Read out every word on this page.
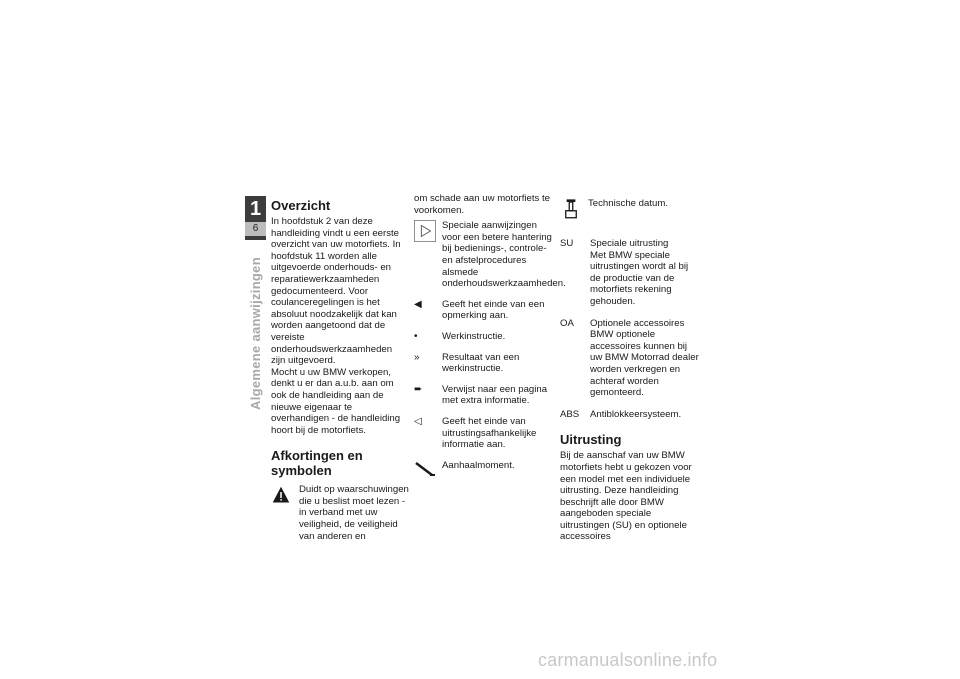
1
6
Algemene aanwijzingen
Overzicht

In hoofdstuk 2 van deze handleiding vindt u een eerste overzicht van uw motorfiets. In hoofdstuk 11 worden alle uitgevoerde onderhouds- en reparatiewerkzaamheden gedocumenteerd. Voor coulanceregelingen is het absoluut noodzakelijk dat kan worden aangetoond dat de vereiste onderhoudswerkzaamheden zijn uitgevoerd.

Mocht u uw BMW verkopen, denkt u er dan a.u.b. aan om ook de handleiding aan de nieuwe eigenaar te overhandigen - de handleiding hoort bij de motorfiets.

Afkortingen en symbolen
Duidt op waarschuwingen die u beslist moet lezen - in verband met uw veiligheid, de veiligheid van anderen en

om schade aan uw motorfiets te voorkomen.

Speciale aanwijzingen voor een betere hantering bij bedienings-, controle- en afstelprocedures alsmede onderhoudswerkzaamheden.
◀	Geeft het einde van een opmerking aan.
•	Werkinstructie.
»	Resultaat van een werkinstructie.
➨	Verwijst naar een pagina met extra informatie.
◁	Geeft het einde van uitrustingsafhankelijke informatie aan.
Aanhaalmoment.
Technische datum.
SU	Speciale uitrusting
Met BMW speciale uitrustingen wordt al bij de productie van de motorfiets rekening gehouden.
OA	Optionele accessoires
BMW optionele accessoires kunnen bij uw BMW Motorrad dealer worden verkregen en achteraf worden gemonteerd.
ABS	Antiblokkeersysteem.
Uitrusting

Bij de aanschaf van uw BMW motorfiets hebt u gekozen voor een model met een individuele uitrusting. Deze handleiding beschrijft alle door BMW aangeboden speciale uitrustingen (SU) en optionele accessoires

carmanualsonline.info
